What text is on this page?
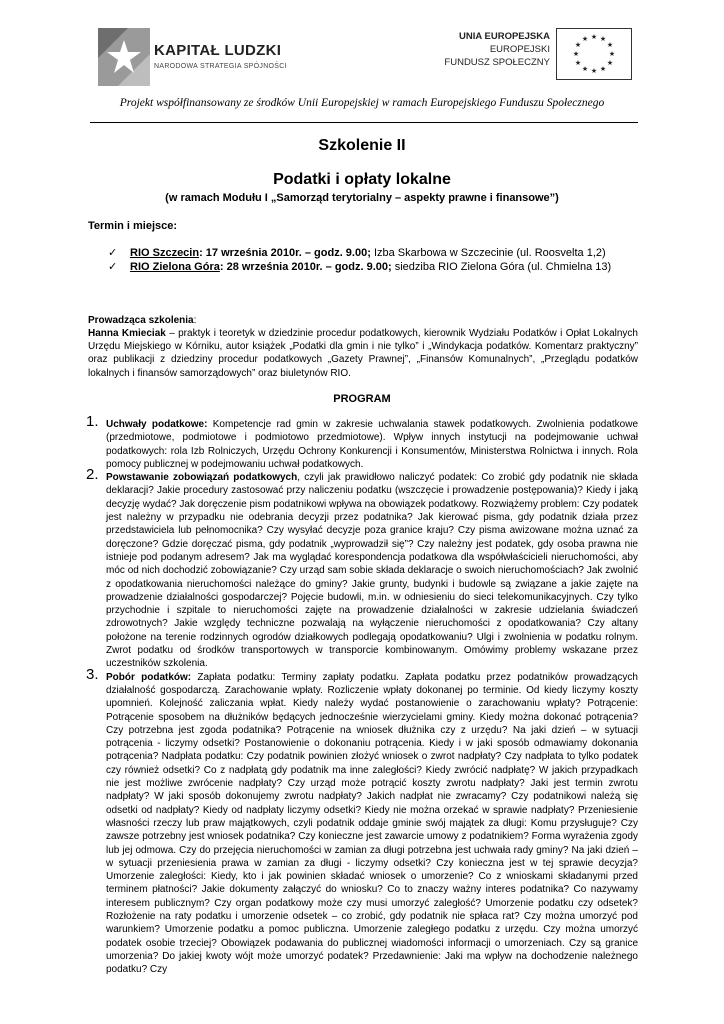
KAPITAŁ LUDZKI
NARODOWA STRATEGIA SPÓJNOŚCI
UNIA EUROPEJSKA
EUROPEJSKI
FUNDUSZ SPOŁECZNY
★ ★
★
★
★
★
★
★
★
★
★
★
Projekt współfinansowany ze środków Unii Europejskiej w ramach Europejskiego Funduszu Społecznego
Szkolenie II
Podatki i opłaty lokalne
(w ramach Modułu I „Samorząd terytorialny – aspekty prawne i finansowe”)
Termin i miejsce:
✓ RIO Szczecin: 17 września 2010r. – godz. 9.00; Izba Skarbowa w Szczecinie (ul. Roosvelta 1,2)
✓ RIO Zielona Góra: 28 września 2010r. – godz. 9.00; siedziba RIO Zielona Góra (ul. Chmielna 13)
Prowadząca szkolenia:
Hanna Kmieciak – praktyk i teoretyk w dziedzinie procedur podatkowych, kierownik Wydziału Podatków i Opłat Lokalnych Urzędu Miejskiego w Kórniku, autor książek „Podatki dla gmin i nie tylko” i „Windykacja podatków. Komentarz praktyczny” oraz publikacji z dziedziny procedur podatkowych „Gazety Prawnej”, „Finansów Komunalnych”, „Przeglądu podatków lokalnych i finansów samorządowych” oraz biuletynów RIO.
PROGRAM
1. Uchwały podatkowe: Kompetencje rad gmin w zakresie uchwalania stawek podatkowych. Zwolnienia podatkowe (przedmiotowe, podmiotowe i podmiotowo przedmiotowe). Wpływ innych instytucji na podejmowanie uchwał podatkowych: rola Izb Rolniczych, Urzędu Ochrony Konkurencji i Konsumentów, Ministerstwa Rolnictwa i innych. Rola pomocy publicznej w podejmowaniu uchwał podatkowych.
2. Powstawanie zobowiązań podatkowych, czyli jak prawidłowo naliczyć podatek: Co zrobić gdy podatnik nie składa deklaracji? Jakie procedury zastosować przy naliczeniu podatku (wszczęcie i prowadzenie postępowania)? Kiedy i jaką decyzję wydać? Jak doręczenie pism podatnikowi wpływa na obowiązek podatkowy. Rozwiążemy problem: Czy podatek jest należny w przypadku nie odebrania decyzji przez podatnika? Jak kierować pisma, gdy podatnik działa przez przedstawiciela lub pełnomocnika? Czy wysyłać decyzje poza granice kraju? Czy pisma awizowane można uznać za doręczone? Gdzie doręczać pisma, gdy podatnik „wyprowadził się”? Czy należny jest podatek, gdy osoba prawna nie istnieje pod podanym adresem? Jak ma wyglądać korespondencja podatkowa dla współwłaścicieli nieruchomości, aby móc od nich dochodzić zobowiązanie? Czy urząd sam sobie składa deklaracje o swoich nieruchomościach? Jak zwolnić z opodatkowania nieruchomości należące do gminy? Jakie grunty, budynki i budowle są związane a jakie zajęte na prowadzenie działalności gospodarczej? Pojęcie budowli, m.in. w odniesieniu do sieci telekomunikacyjnych. Czy tylko przychodnie i szpitale to nieruchomości zajęte na prowadzenie działalności w zakresie udzielania świadczeń zdrowotnych? Jakie względy techniczne pozwalają na wyłączenie nieruchomości z opodatkowania? Czy altany położone na terenie rodzinnych ogrodów działkowych podlegają opodatkowaniu? Ulgi i zwolnienia w podatku rolnym. Zwrot podatku od środków transportowych w transporcie kombinowanym. Omówimy problemy wskazane przez uczestników szkolenia.
3. Pobór podatków: Zapłata podatku: Terminy zapłaty podatku. Zapłata podatku przez podatników prowadzących działalność gospodarczą. Zarachowanie wpłaty. Rozliczenie wpłaty dokonanej po terminie. Od kiedy liczymy koszty upomnień. Kolejność zaliczania wpłat. Kiedy należy wydać postanowienie o zarachowaniu wpłaty? Potrącenie: Potrącenie sposobem na dłużników będących jednocześnie wierzycielami gminy. Kiedy można dokonać potrącenia? Czy potrzebna jest zgoda podatnika? Potrącenie na wniosek dłużnika czy z urzędu? Na jaki dzień – w sytuacji potrącenia - liczymy odsetki? Postanowienie o dokonaniu potrącenia. Kiedy i w jaki sposób odmawiamy dokonania potrącenia? Nadpłata podatku: Czy podatnik powinien złożyć wniosek o zwrot nadpłaty? Czy nadpłata to tylko podatek czy również odsetki? Co z nadpłatą gdy podatnik ma inne zaległości? Kiedy zwrócić nadpłatę? W jakich przypadkach nie jest możliwe zwrócenie nadpłaty? Czy urząd może potrącić koszty zwrotu nadpłaty? Jaki jest termin zwrotu nadpłaty? W jaki sposób dokonujemy zwrotu nadpłaty? Jakich nadpłat nie zwracamy? Czy podatnikowi należą się odsetki od nadpłaty? Kiedy od nadpłaty liczymy odsetki? Kiedy nie można orzekać w sprawie nadpłaty? Przeniesienie własności rzeczy lub praw majątkowych, czyli podatnik oddaje gminie swój majątek za długi: Komu przysługuje? Czy zawsze potrzebny jest wniosek podatnika? Czy konieczne jest zawarcie umowy z podatnikiem? Forma wyrażenia zgody lub jej odmowa. Czy do przejęcia nieruchomości w zamian za długi potrzebna jest uchwała rady gminy? Na jaki dzień – w sytuacji przeniesienia prawa w zamian za długi - liczymy odsetki? Czy konieczna jest w tej sprawie decyzja? Umorzenie zaległości: Kiedy, kto i jak powinien składać wniosek o umorzenie? Co z wnioskami składanymi przed terminem płatności? Jakie dokumenty załączyć do wniosku? Co to znaczy ważny interes podatnika? Co nazywamy interesem publicznym? Czy organ podatkowy może czy musi umorzyć zaległość? Umorzenie podatku czy odsetek? Rozłożenie na raty podatku i umorzenie odsetek – co zrobić, gdy podatnik nie spłaca rat? Czy można umorzyć pod warunkiem? Umorzenie podatku a pomoc publiczna. Umorzenie zaległego podatku z urzędu. Czy można umorzyć podatek osobie trzeciej? Obowiązek podawania do publicznej wiadomości informacji o umorzeniach. Czy są granice umorzenia? Do jakiej kwoty wójt może umorzyć podatek? Przedawnienie: Jaki ma wpływ na dochodzenie należnego podatku? Czy
